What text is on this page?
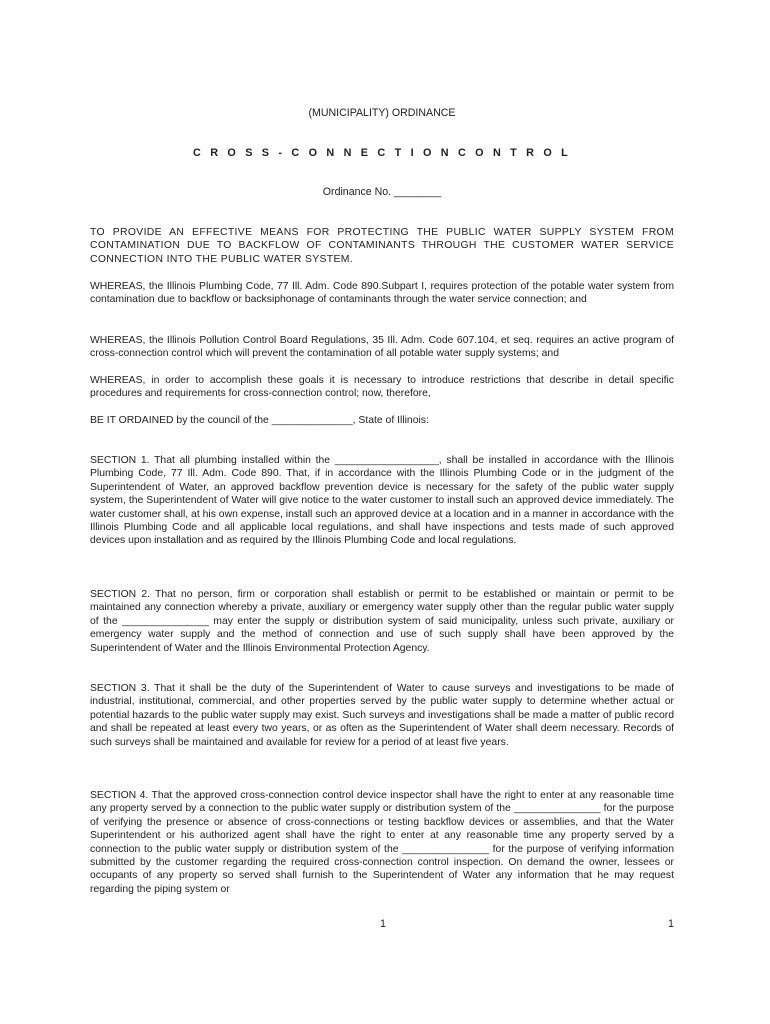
(MUNICIPALITY) ORDINANCE

C R O S S - C O N N E C T I O N C O N T R O L

Ordinance No. ________

TO PROVIDE AN EFFECTIVE MEANS FOR PROTECTING THE PUBLIC WATER SUPPLY SYSTEM FROM CONTAMINATION DUE TO BACKFLOW OF CONTAMINANTS THROUGH THE CUSTOMER WATER SERVICE CONNECTION INTO THE PUBLIC WATER SYSTEM.

WHEREAS, the Illinois Plumbing Code, 77 Ill. Adm. Code 890.Subpart I, requires protection of the potable water system from contamination due to backflow or backsiphonage of contaminants through the water service connection; and

WHEREAS, the Illinois Pollution Control Board Regulations, 35 Ill. Adm. Code 607.104, et seq. requires an active program of cross-connection control which will prevent the contamination of all potable water supply systems; and

WHEREAS, in order to accomplish these goals it is necessary to introduce restrictions that describe in detail specific procedures and requirements for cross-connection control; now, therefore,

BE IT ORDAINED by the council of the ______________, State of Illinois:

SECTION 1. That all plumbing installed within the __________________, shall be installed in accordance with the Illinois Plumbing Code, 77 Ill. Adm. Code 890. That, if in accordance with the Illinois Plumbing Code or in the judgment of the Superintendent of Water, an approved backflow prevention device is necessary for the safety of the public water supply system, the Superintendent of Water will give notice to the water customer to install such an approved device immediately. The water customer shall, at his own expense, install such an approved device at a location and in a manner in accordance with the Illinois Plumbing Code and all applicable local regulations, and shall have inspections and tests made of such approved devices upon installation and as required by the Illinois Plumbing Code and local regulations.

SECTION 2. That no person, firm or corporation shall establish or permit to be established or maintain or permit to be maintained any connection whereby a private, auxiliary or emergency water supply other than the regular public water supply of the _______________ may enter the supply or distribution system of said municipality, unless such private, auxiliary or emergency water supply and the method of connection and use of such supply shall have been approved by the Superintendent of Water and the Illinois Environmental Protection Agency.

SECTION 3. That it shall be the duty of the Superintendent of Water to cause surveys and investigations to be made of industrial, institutional, commercial, and other properties served by the public water supply to determine whether actual or potential hazards to the public water supply may exist. Such surveys and investigations shall be made a matter of public record and shall be repeated at least every two years, or as often as the Superintendent of Water shall deem necessary. Records of such surveys shall be maintained and available for review for a period of at least five years.

SECTION 4. That the approved cross-connection control device inspector shall have the right to enter at any reasonable time any property served by a connection to the public water supply or distribution system of the _______________ for the purpose of verifying the presence or absence of cross-connections or testing backflow devices or assemblies, and that the Water Superintendent or his authorized agent shall have the right to enter at any reasonable time any property served by a connection to the public water supply or distribution system of the _______________ for the purpose of verifying information submitted by the customer regarding the required cross-connection control inspection. On demand the owner, lessees or occupants of any property so served shall furnish to the Superintendent of Water any information that he may request regarding the piping system or

1	1
